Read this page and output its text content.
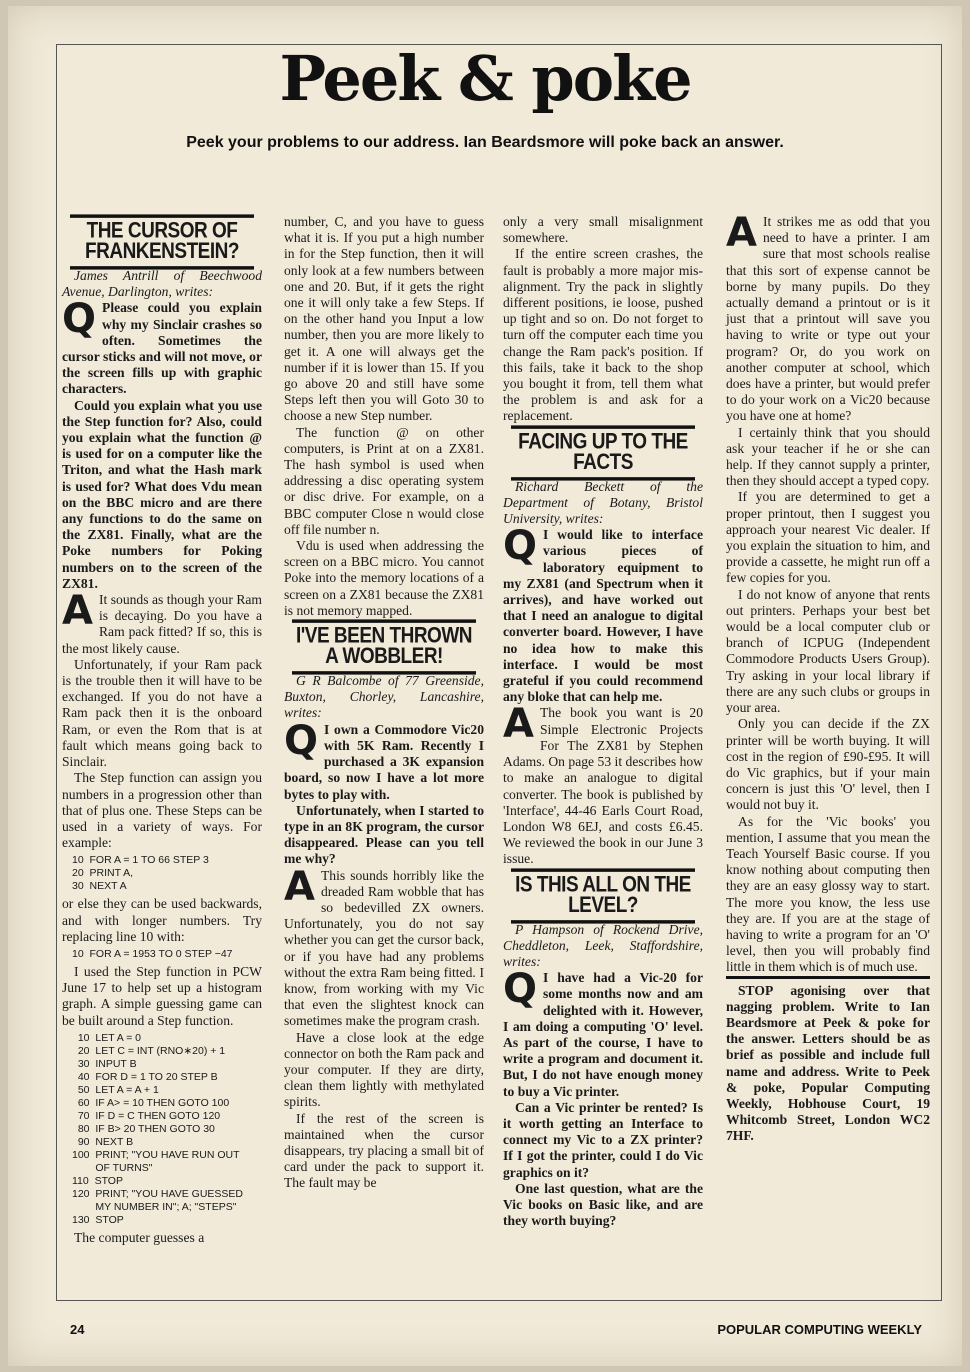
Peek & poke
Peek your problems to our address. Ian Beardsmore will poke back an answer.
THE CURSOR OF FRANKENSTEIN?

James Antrill of Beechwood Avenue, Darlington, writes:

Q Please could you explain why my Sinclair crashes so often. Sometimes the cursor sticks and will not move, or the screen fills up with graphic characters.

Could you explain what you use the Step function for? Also, could you explain what the function @ is used for on a computer like the Triton, and what the Hash mark is used for? What does Vdu mean on the BBC micro and are there any functions to do the same on the ZX81. Finally, what are the Poke numbers for Poking numbers on to the screen of the ZX81.

A It sounds as though your Ram is decaying. Do you have a Ram pack fitted? If so, this is the most likely cause.

Unfortunately, if your Ram pack is the trouble then it will have to be exchanged. If you do not have a Ram pack then it is the onboard Ram, or even the Rom that is at fault which means going back to Sinclair.

The Step function can assign you numbers in a progression other than that of plus one. These Steps can be used in a variety of ways. For example:

10  FOR A = 1 TO 66 STEP 3
20  PRINT A,
30  NEXT A

or else they can be used backwards, and with longer numbers. Try replacing line 10 with:

10  FOR A = 1953 TO 0 STEP −47

I used the Step function in PCW June 17 to help set up a histogram graph. A simple guessing game can be built around a Step function.

10  LET A = 0
20  LET C = INT (RNO∗20) + 1
30  INPUT B
40  FOR D = 1 TO 20 STEP B
50  LET A = A + 1
60  IF A> = 10 THEN GOTO 100
70  IF D = C THEN GOTO 120
80  IF B> 20 THEN GOTO 30
90  NEXT B
100  PRINT; "YOU HAVE RUN OUT
OF TURNS"
110  STOP
120  PRINT; "YOU HAVE GUESSED
MY NUMBER IN"; A; "STEPS"
130  STOP

The computer guesses a

number, C, and you have to guess what it is. If you put a high number in for the Step function, then it will only look at a few numbers between one and 20. But, if it gets the right one it will only take a few Steps. If on the other hand you Input a low number, then you are more likely to get it. A one will always get the number if it is lower than 15. If you go above 20 and still have some Steps left then you will Goto 30 to choose a new Step number.

The function @ on other computers, is Print at on a ZX81. The hash symbol is used when addressing a disc operating system or disc drive. For example, on a BBC computer Close n would close off file number n.

Vdu is used when addressing the screen on a BBC micro. You cannot Poke into the memory locations of a screen on a ZX81 because the ZX81 is not memory mapped.

I'VE BEEN THROWN A WOBBLER!

G R Balcombe of 77 Greenside, Buxton, Chorley, Lancashire, writes:

Q I own a Commodore Vic20 with 5K Ram. Recently I purchased a 3K expansion board, so now I have a lot more bytes to play with.

Unfortunately, when I started to type in an 8K program, the cursor disappeared. Please can you tell me why?

A This sounds horribly like the dreaded Ram wobble that has so bedevilled ZX owners. Unfortunately, you do not say whether you can get the cursor back, or if you have had any problems without the extra Ram being fitted. I know, from working with my Vic that even the slightest knock can sometimes make the program crash.

Have a close look at the edge connector on both the Ram pack and your computer. If they are dirty, clean them lightly with methylated spirits.

If the rest of the screen is maintained when the cursor disappears, try placing a small bit of card under the pack to support it. The fault may be

only a very small misalignment somewhere.

If the entire screen crashes, the fault is probably a more major mis-alignment. Try the pack in slightly different positions, ie loose, pushed up tight and so on. Do not forget to turn off the computer each time you change the Ram pack's position. If this fails, take it back to the shop you bought it from, tell them what the problem is and ask for a replacement.

FACING UP TO THE FACTS

Richard Beckett of the Department of Botany, Bristol University, writes:

Q I would like to interface various pieces of laboratory equipment to my ZX81 (and Spectrum when it arrives), and have worked out that I need an analogue to digital converter board. However, I have no idea how to make this interface. I would be most grateful if you could recommend any bloke that can help me.

A The book you want is 20 Simple Electronic Projects For The ZX81 by Stephen Adams. On page 53 it describes how to make an analogue to digital converter. The book is published by 'Interface', 44-46 Earls Court Road, London W8 6EJ, and costs £6.45. We reviewed the book in our June 3 issue.

IS THIS ALL ON THE LEVEL?

P Hampson of Rockend Drive, Cheddleton, Leek, Staffordshire, writes:

Q I have had a Vic-20 for some months now and am delighted with it. However, I am doing a computing 'O' level. As part of the course, I have to write a program and document it. But, I do not have enough money to buy a Vic printer.

Can a Vic printer be rented? Is it worth getting an Interface to connect my Vic to a ZX printer? If I got the printer, could I do Vic graphics on it?

One last question, what are the Vic books on Basic like, and are they worth buying?

A It strikes me as odd that you need to have a printer. I am sure that most schools realise that this sort of expense cannot be borne by many pupils. Do they actually demand a printout or is it just that a printout will save you having to write or type out your program? Or, do you work on another computer at school, which does have a printer, but would prefer to do your work on a Vic20 because you have one at home?

I certainly think that you should ask your teacher if he or she can help. If they cannot supply a printer, then they should accept a typed copy.

If you are determined to get a proper printout, then I suggest you approach your nearest Vic dealer. If you explain the situation to him, and provide a cassette, he might run off a few copies for you.

I do not know of anyone that rents out printers. Perhaps your best bet would be a local computer club or branch of ICPUG (Independent Commodore Products Users Group). Try asking in your local library if there are any such clubs or groups in your area.

Only you can decide if the ZX printer will be worth buying. It will cost in the region of £90-£95. It will do Vic graphics, but if your main concern is just this 'O' level, then I would not buy it.

As for the 'Vic books' you mention, I assume that you mean the Teach Yourself Basic course. If you know nothing about computing then they are an easy glossy way to start. The more you know, the less use they are. If you are at the stage of having to write a program for an 'O' level, then you will probably find little in them which is of much use.

STOP agonising over that nagging problem. Write to Ian Beardsmore at Peek & poke for the answer. Letters should be as brief as possible and include full name and address. Write to Peek & poke, Popular Computing Weekly, Hobhouse Court, 19 Whitcomb Street, London WC2 7HF.

24	POPULAR COMPUTING WEEKLY
